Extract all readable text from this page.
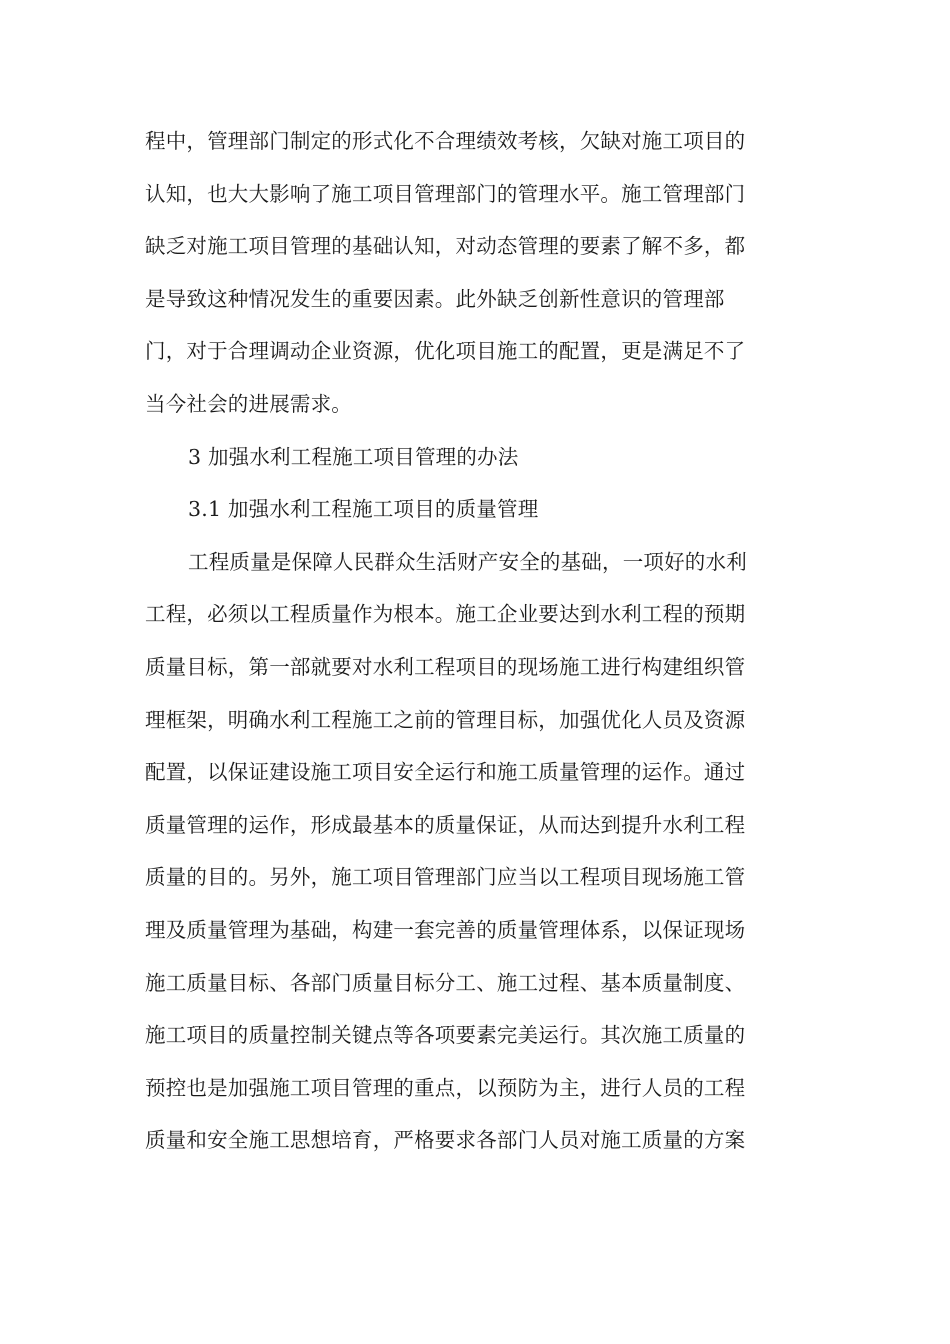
程中，管理部门制定的形式化不合理绩效考核，欠缺对施工项目的
认知，也大大影响了施工项目管理部门的管理水平。施工管理部门
缺乏对施工项目管理的基础认知，对动态管理的要素了解不多，都
是导致这种情况发生的重要因素。此外缺乏创新性意识的管理部
门，对于合理调动企业资源，优化项目施工的配置，更是满足不了
当今社会的进展需求。
3 加强水利工程施工项目管理的办法
3.1 加强水利工程施工项目的质量管理
工程质量是保障人民群众生活财产安全的基础，一项好的水利
工程，必须以工程质量作为根本。施工企业要达到水利工程的预期
质量目标，第一部就要对水利工程项目的现场施工进行构建组织管
理框架，明确水利工程施工之前的管理目标，加强优化人员及资源
配置，以保证建设施工项目安全运行和施工质量管理的运作。通过
质量管理的运作，形成最基本的质量保证，从而达到提升水利工程
质量的目的。另外，施工项目管理部门应当以工程项目现场施工管
理及质量管理为基础，构建一套完善的质量管理体系，以保证现场
施工质量目标、各部门质量目标分工、施工过程、基本质量制度、
施工项目的质量控制关键点等各项要素完美运行。其次施工质量的
预控也是加强施工项目管理的重点，以预防为主，进行人员的工程
质量和安全施工思想培育，严格要求各部门人员对施工质量的方案
